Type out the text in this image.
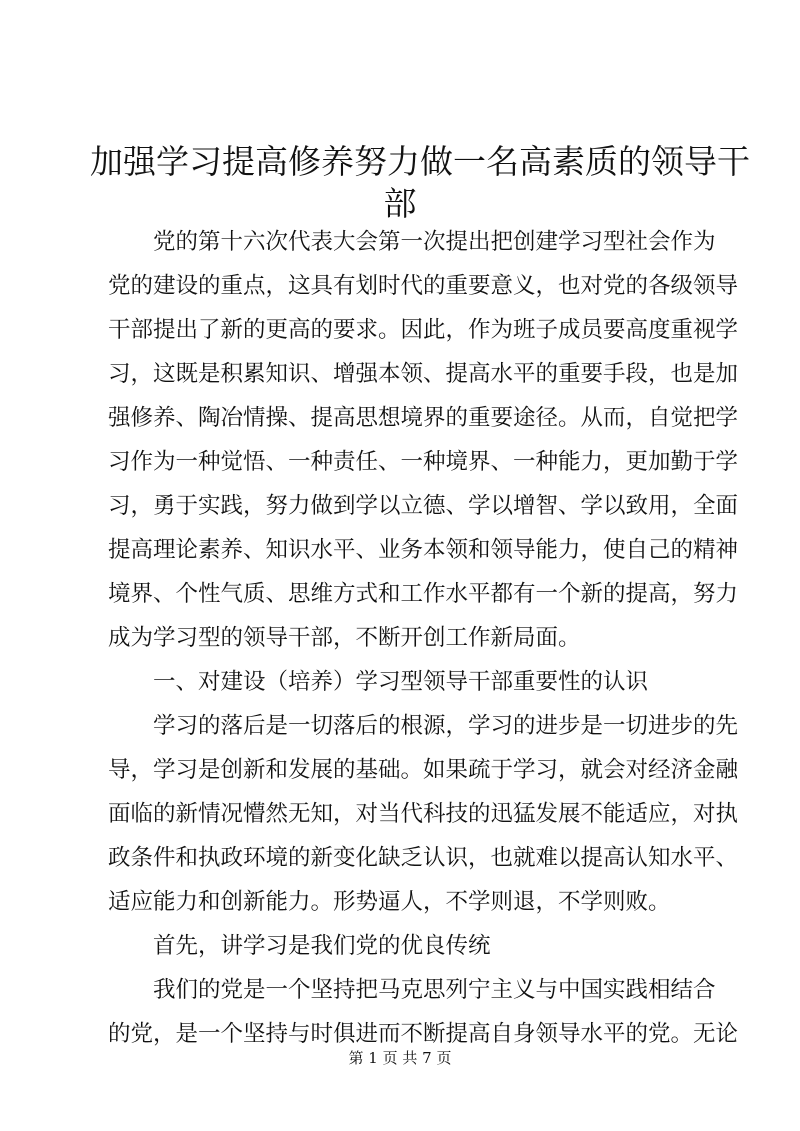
加强学习提高修养努力做一名高素质的领导干
部

　　党的第十六次代表大会第一次提出把创建学习型社会作为

党的建设的重点，这具有划时代的重要意义，也对党的各级领导

干部提出了新的更高的要求。因此，作为班子成员要高度重视学

习，这既是积累知识、增强本领、提高水平的重要手段，也是加

强修养、陶冶情操、提高思想境界的重要途径。从而，自觉把学

习作为一种觉悟、一种责任、一种境界、一种能力，更加勤于学

习，勇于实践，努力做到学以立德、学以增智、学以致用，全面

提高理论素养、知识水平、业务本领和领导能力，使自己的精神

境界、个性气质、思维方式和工作水平都有一个新的提高，努力

成为学习型的领导干部，不断开创工作新局面。

　　一、对建设（培养）学习型领导干部重要性的认识

　　学习的落后是一切落后的根源，学习的进步是一切进步的先

导，学习是创新和发展的基础。如果疏于学习，就会对经济金融

面临的新情况懵然无知，对当代科技的迅猛发展不能适应，对执

政条件和执政环境的新变化缺乏认识，也就难以提高认知水平、

适应能力和创新能力。形势逼人，不学则退，不学则败。

　　首先，讲学习是我们党的优良传统

　　我们的党是一个坚持把马克思列宁主义与中国实践相结合

的党，是一个坚持与时俱进而不断提高自身领导水平的党。无论

第 1 页 共 7 页
